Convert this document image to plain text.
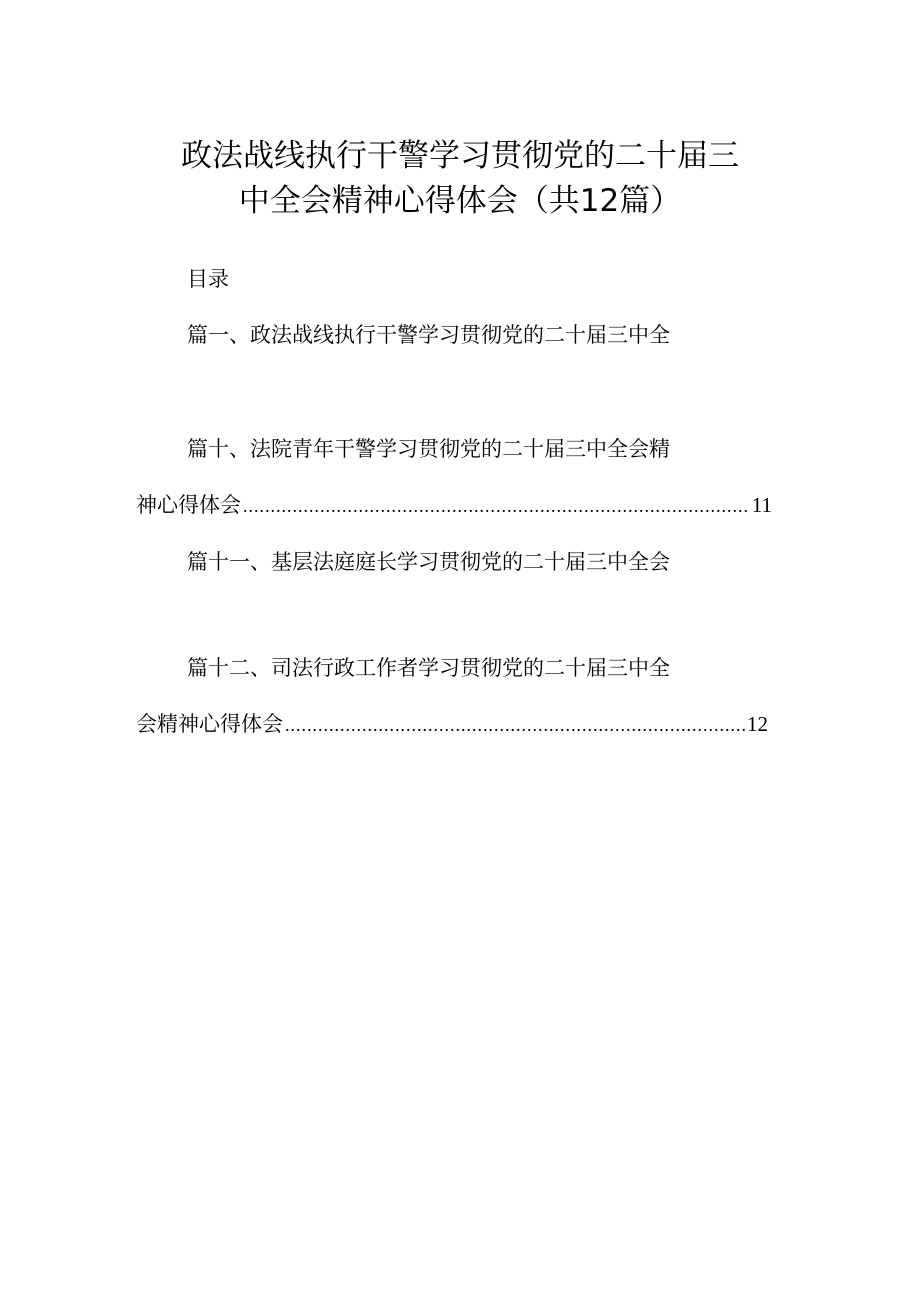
政法战线执行干警学习贯彻党的二十届三
中全会精神心得体会（共12篇）
目录
篇一、政法战线执行干警学习贯彻党的二十届三中全
篇十、法院青年干警学习贯彻党的二十届三中全会精
神心得体会 .....	11
篇十一、基层法庭庭长学习贯彻党的二十届三中全会
篇十二、司法行政工作者学习贯彻党的二十届三中全
会精神心得体会 .....	12
